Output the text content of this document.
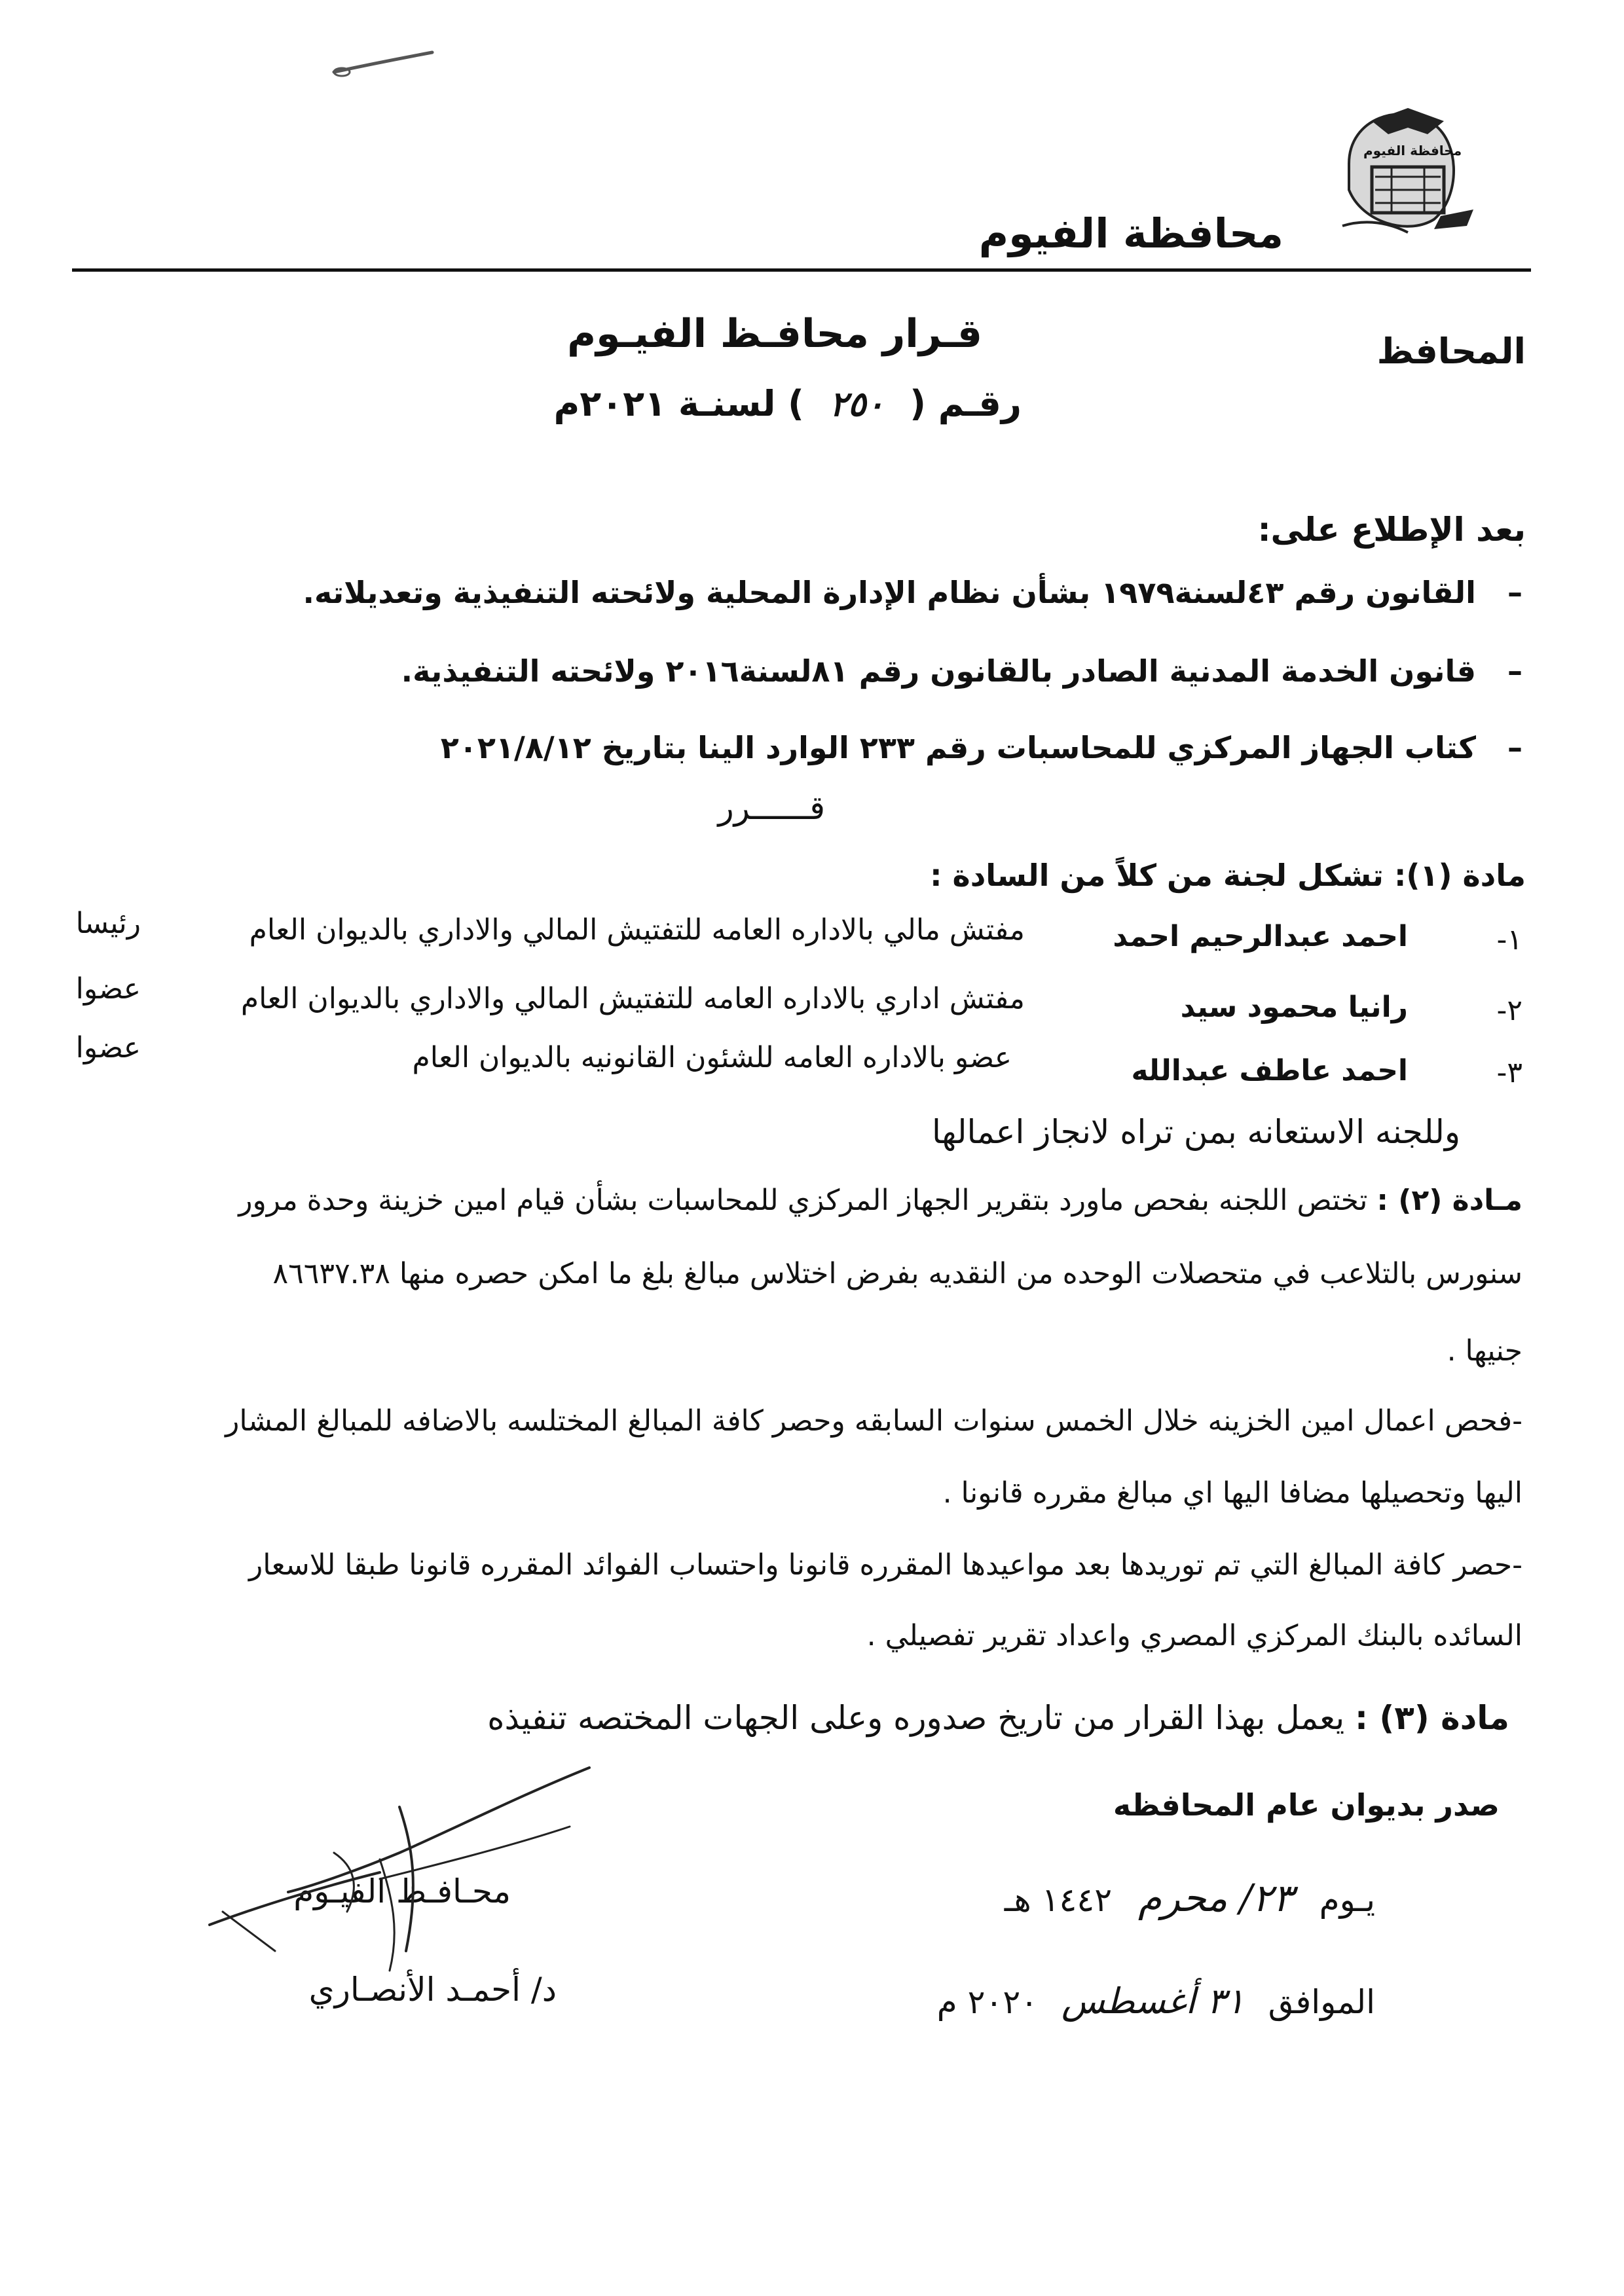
محافظة الفيوم
محافظة الفيوم
المحافظ
قـرار محافـظ الفيـوم
رقـم ( ٢٥٠ ) لسنـة ٢٠٢١م
بعد الإطلاع على:
–   القانون رقم ٤٣لسنة١٩٧٩ بشأن نظام الإدارة المحلية ولائحته التنفيذية وتعديلاته.
–   قانون الخدمة المدنية الصادر بالقانون رقم ٨١لسنة٢٠١٦ ولائحته التنفيذية.
–   كتاب الجهاز المركزي للمحاسبات رقم ٢٣٣ الوارد الينا بتاريخ ٢٠٢١/٨/١٢
قــــــرر
مادة (١): تشكل لجنة من كلاً من السادة :
١-
احمد عبدالرحيم احمد
مفتش مالي بالاداره العامه للتفتيش المالي والاداري بالديوان العام
رئيسا
٢-
رانيا محمود سيد
مفتش اداري بالاداره العامه للتفتيش المالي والاداري بالديوان العام
عضوا
٣-
احمد عاطف عبدالله
عضو بالاداره العامه للشئون القانونيه بالديوان العام
عضوا
وللجنه الاستعانه بمن تراه لانجاز اعمالها
مـادة (٢) : تختص اللجنه بفحص ماورد بتقرير الجهاز المركزي للمحاسبات بشأن قيام امين خزينة وحدة مرور
سنورس بالتلاعب في متحصلات الوحده من النقديه بفرض اختلاس مبالغ بلغ ما امكن حصره منها ٨٦٦٣٧.٣٨
جنيها .
-فحص اعمال امين الخزينه خلال الخمس سنوات السابقه وحصر كافة المبالغ المختلسه بالاضافه للمبالغ المشار
اليها وتحصيلها مضافا اليها اي مبالغ مقرره قانونا .
-حصر كافة المبالغ التي تم توريدها بعد مواعيدها المقرره قانونا واحتساب الفوائد المقرره قانونا طبقا للاسعار
السائده بالبنك المركزي المصري واعداد تقرير تفصيلي .
مادة (٣) : يعمل بهذا القرار من تاريخ صدوره وعلى الجهات المختصه تنفيذه
صدر بديوان عام المحافظه
يـوم ٢٣/ محرم ١٤٤٢ هـ
الموافق ٣١ أغسطس ٢٠٢٠ م
محـافـظ الفيـوم
د/ أحمـد الأنصـاري
